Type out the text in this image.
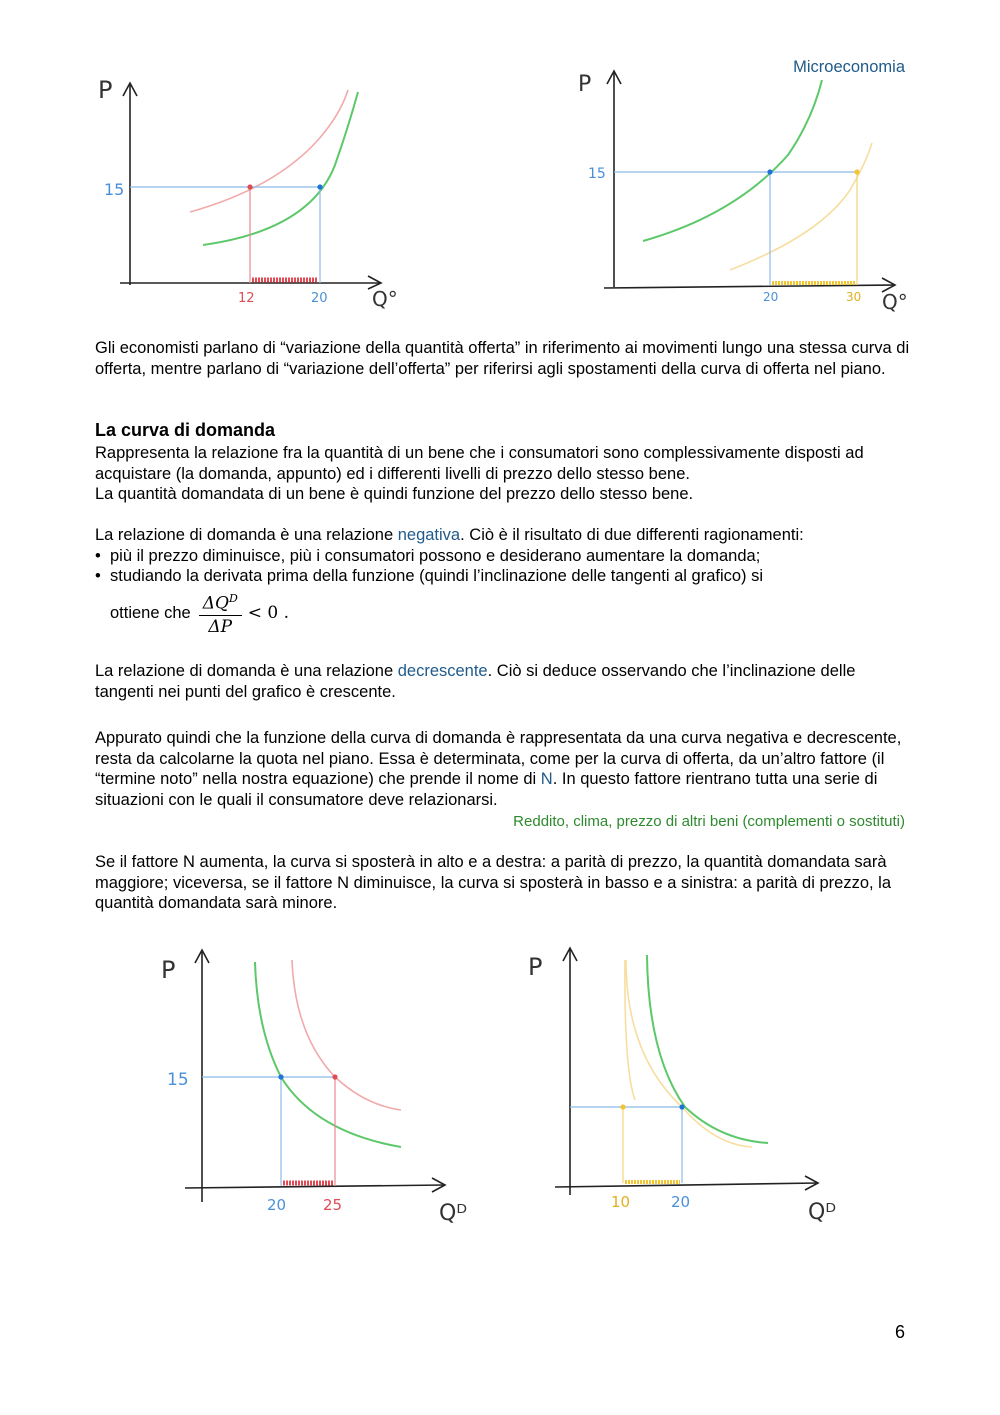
Microeconomia
P
Q°
15
12	20
P
Q°
15
20	30

Gli economisti parlano di “variazione della quantità offerta” in riferimento ai movimenti lungo una stessa curva di offerta, mentre parlano di “variazione dell’offerta” per riferirsi agli spostamenti della curva di offerta nel piano.

La curva di domanda

Rappresenta la relazione fra la quantità di un bene che i consumatori sono complessivamente disposti ad acquistare (la domanda, appunto) ed i differenti livelli di prezzo dello stesso bene.

La quantità domandata di un bene è quindi funzione del prezzo dello stesso bene.

La relazione di domanda è una relazione negativa. Ciò è il risultato di due differenti ragionamenti:

• più il prezzo diminuisce, più i consumatori possono e desiderano aumentare la domanda;
• studiando la derivata prima della funzione (quindi l’inclinazione delle tangenti al grafico) si
ottiene che $\frac{\Delta Q^D}{\Delta P} < 0$ .

La relazione di domanda è una relazione decrescente. Ciò si deduce osservando che l’inclinazione delle tangenti nei punti del grafico è crescente.

Appurato quindi che la funzione della curva di domanda è rappresentata da una curva negativa e decrescente, resta da calcolarne la quota nel piano. Essa è determinata, come per la curva di offerta, da un’altro fattore (il “termine noto” nella nostra equazione) che prende il nome di N. In questo fattore rientrano tutta una serie di situazioni con le quali il consumatore deve relazionarsi.

Reddito, clima, prezzo di altri beni (complementi o sostituti)

Se il fattore N aumenta, la curva si sposterà in alto e a destra: a parità di prezzo, la quantità domandata sarà maggiore; viceversa, se il fattore N diminuisce, la curva si sposterà in basso e a sinistra: a parità di prezzo, la quantità domandata sarà minore.

P
Qᴰ
15
20 25
P
Qᴰ
10	20
6
